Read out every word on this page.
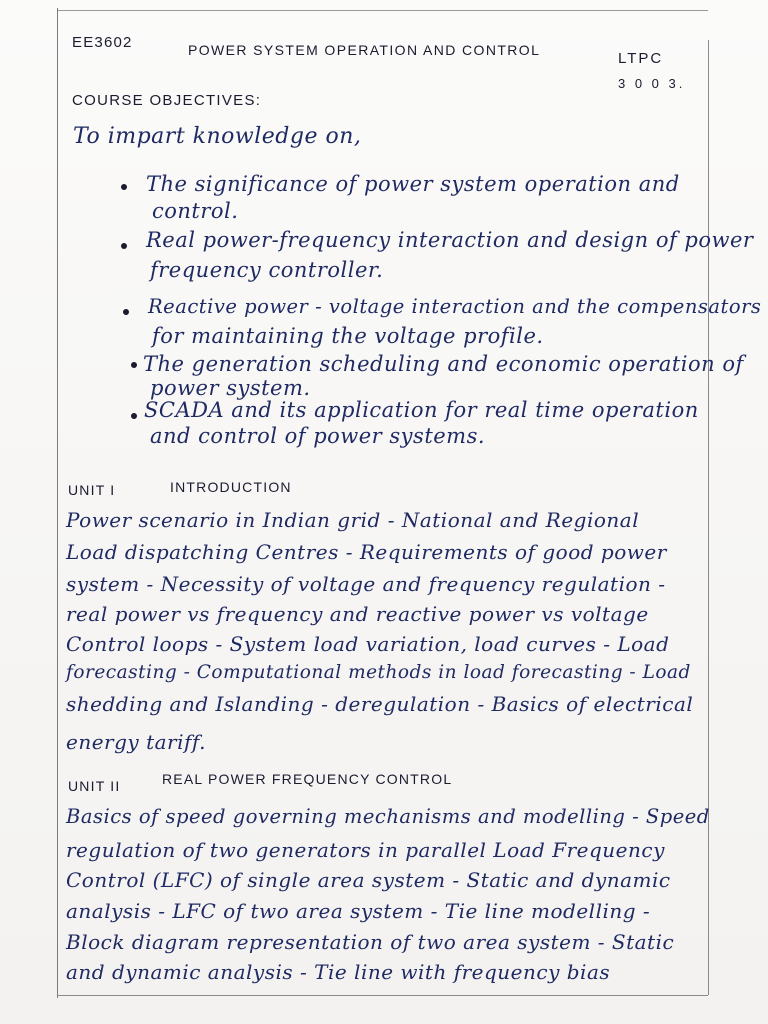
EE3602	POWER SYSTEM OPERATION AND CONTROL	LTPC
3 0 0 3.
COURSE OBJECTIVES:
To impart knowledge on,
The significance of power system operation and
control.
Real power-frequency interaction and design of power
frequency controller.
Reactive power - voltage interaction and the compensators
for maintaining the voltage profile.
The generation scheduling and economic operation of
power system.
SCADA and its application for real time operation
and control of power systems.
UNIT I	INTRODUCTION
Power scenario in Indian grid - National and Regional
Load dispatching Centres - Requirements of good power
system - Necessity of voltage and frequency regulation -
real power vs frequency and reactive power vs voltage
Control loops - System load variation, load curves - Load
forecasting - Computational methods in load forecasting - Load
shedding and Islanding - deregulation - Basics of electrical
energy tariff.
UNIT II	REAL POWER FREQUENCY CONTROL
Basics of speed governing mechanisms and modelling - Speed
regulation of two generators in parallel Load Frequency
Control (LFC) of single area system - Static and dynamic
analysis - LFC of two area system - Tie line modelling -
Block diagram representation of two area system - Static
and dynamic analysis - Tie line with frequency bias
